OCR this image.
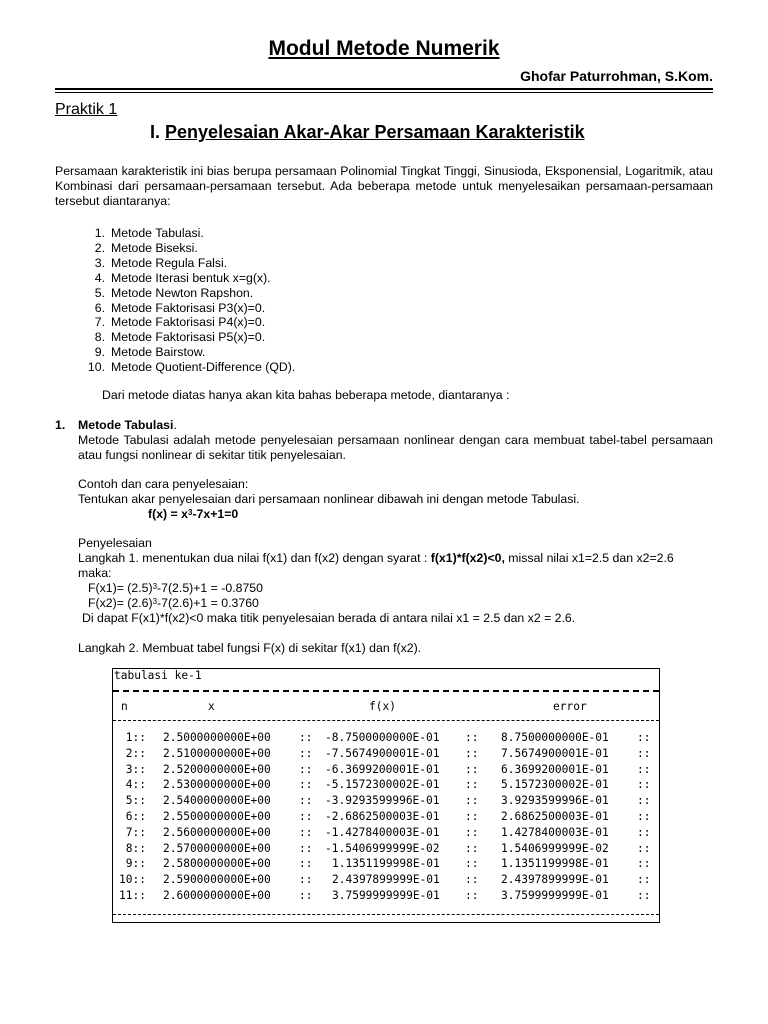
Modul Metode Numerik
Ghofar Paturrohman, S.Kom.
Praktik 1
I. Penyelesaian Akar-Akar Persamaan Karakteristik
Persamaan karakteristik ini bias berupa persamaan Polinomial Tingkat Tinggi, Sinusioda, Eksponensial, Logaritmik, atau Kombinasi dari persamaan-persamaan tersebut. Ada beberapa metode untuk menyelesaikan persamaan-persamaan tersebut diantaranya:
1. Metode Tabulasi.
2. Metode Biseksi.
3. Metode Regula Falsi.
4. Metode Iterasi bentuk x=g(x).
5. Metode Newton Rapshon.
6. Metode Faktorisasi P3(x)=0.
7. Metode Faktorisasi P4(x)=0.
8. Metode Faktorisasi P5(x)=0.
9. Metode Bairstow.
10. Metode Quotient-Difference (QD).
Dari metode diatas hanya akan kita bahas beberapa metode, diantaranya :
1. Metode Tabulasi.
Metode Tabulasi adalah metode penyelesaian persamaan nonlinear dengan cara membuat tabel-tabel persamaan atau fungsi nonlinear di sekitar titik penyelesaian.
Contoh dan cara penyelesaian:
Tentukan akar penyelesaian dari persamaan nonlinear dibawah ini dengan metode Tabulasi.
$f(x) = x^3-7x+1=0$
Penyelesaian
Langkah 1. menentukan dua nilai f(x1) dan f(x2) dengan syarat : f(x1)*f(x2)<0, missal nilai x1=2.5 dan x2=2.6
maka:
$F(x1)= (2.5)^3-7(2.5)+1 = -0.8750$
$F(x2)= (2.6)^3-7(2.6)+1 = 0.3760$
Di dapat F(x1)*f(x2)<0 maka titik penyelesaian berada di antara nilai x1 = 2.5 dan x2 = 2.6.
Langkah 2. Membuat tabel fungsi F(x) di sekitar f(x1) dan f(x2).
tabulasi ke-1
n	x	f(x)	error
1:: 2.5000000000E+00	:: -8.7500000000E-01 :: 8.7500000000E-01	::
2:: 2.5100000000E+00	:: -7.5674900001E-01 :: 7.5674900001E-01	::
3:: 2.5200000000E+00	:: -6.3699200001E-01 :: 6.3699200001E-01	::
4:: 2.5300000000E+00	:: -5.1572300002E-01 :: 5.1572300002E-01	::
5:: 2.5400000000E+00	:: -3.9293599996E-01 :: 3.9293599996E-01	::
6:: 2.5500000000E+00	:: -2.6862500003E-01 :: 2.6862500003E-01	::
7:: 2.5600000000E+00	:: -1.4278400003E-01 :: 1.4278400003E-01	::
8:: 2.5700000000E+00	:: -1.5406999999E-02 :: 1.5406999999E-02	::
9:: 2.5800000000E+00	:: 1.1351199998E-01 :: 1.1351199998E-01	::
10:: 2.5900000000E+00	:: 2.4397899999E-01 :: 2.4397899999E-01	::
11:: 2.6000000000E+00	:: 3.7599999999E-01 :: 3.7599999999E-01	::
